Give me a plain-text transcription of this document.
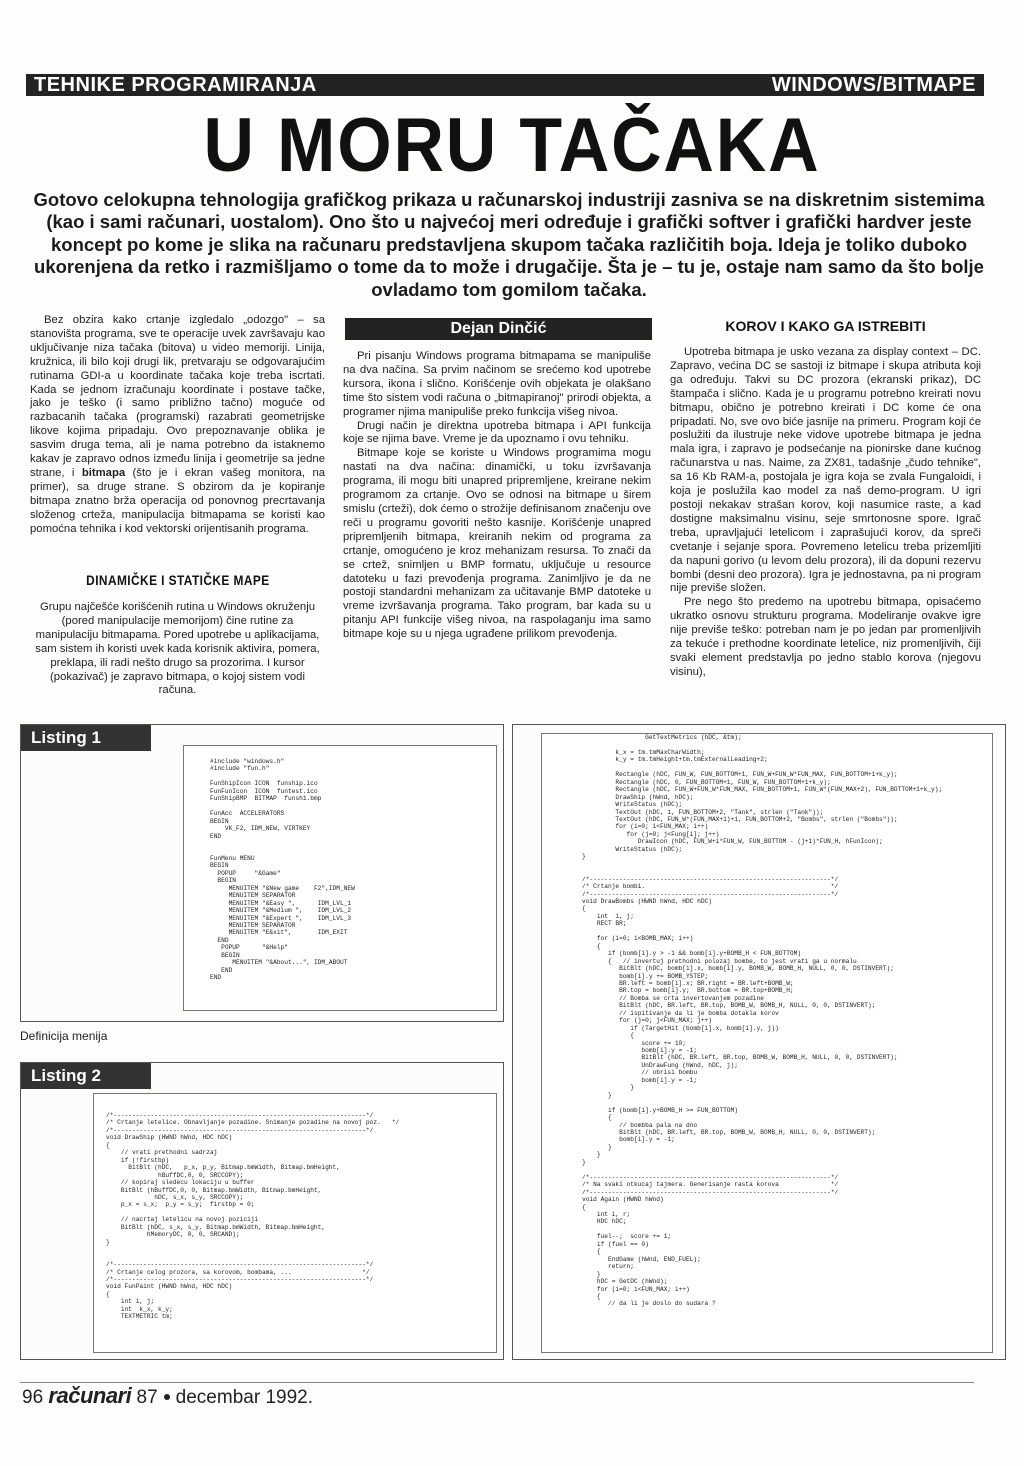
TEHNIKE PROGRAMIRANJA	WINDOWS/BITMAPE
U MORU TAČAKA
Gotovo celokupna tehnologija grafičkog prikaza u računarskoj industriji zasniva se na diskretnim sistemima (kao i sami računari, uostalom). Ono što u najvećoj meri određuje i grafički softver i grafički hardver jeste koncept po kome je slika na računaru predstavljena skupom tačaka različitih boja. Ideja je toliko duboko ukorenjena da retko i razmišljamo o tome da to može i drugačije. Šta je – tu je, ostaje nam samo da što bolje ovladamo tom gomilom tačaka.

Bez obzira kako crtanje izgledalo „odozgo" – sa stanovišta programa, sve te operacije uvek završavaju kao uključivanje niza tačaka (bitova) u video memoriji. Linija, kružnica, ili bilo koji drugi lik, pretvaraju se odgovarajućim rutinama GDI-a u koordinate tačaka koje treba iscrtati. Kada se jednom izračunaju koordinate i postave tačke, jako je teško (i samo približno tačno) moguće od razbacanih tačaka (programski) razabrati geometrijske likove kojima pripadaju. Ovo prepoznavanje oblika je sasvim druga tema, ali je nama potrebno da istaknemo kakav je zapravo odnos između linija i geometrije sa jedne strane, i bitmapa (što je i ekran vašeg monitora, na primer), sa druge strane. S obzirom da je kopiranje bitmapa znatno brža operacija od ponovnog precrtavanja složenog crteža, manipulacija bitmapama se koristi kao pomoćna tehnika i kod vektorski orijentisanih programa.

DINAMIČKE I STATIČKE MAPE

Grupu najčešće korišćenih rutina u Windows okruženju (pored manipulacije memorijom) čine rutine za manipulaciju bitmapama. Pored upotrebe u aplikacijama, sam sistem ih koristi uvek kada korisnik aktivira, pomera, preklapa, ili radi nešto drugo sa prozorima. I kursor (pokazivač) je zapravo bitmapa, o kojoj sistem vodi računa.

Dejan Dinčić

Pri pisanju Windows programa bitmapama se manipuliše na dva načina. Sa prvim načinom se srećemo kod upotrebe kursora, ikona i slično. Korišćenje ovih objekata je olakšano time što sistem vodi računa o „bitmapiranoj" prirodi objekta, a programer njima manipuliše preko funkcija višeg nivoa.

Drugi način je direktna upotreba bitmapa i API funkcija koje se njima bave. Vreme je da upoznamo i ovu tehniku.

Bitmape koje se koriste u Windows programima mogu nastati na dva načina: dinamički, u toku izvršavanja programa, ili mogu biti unapred pripremljene, kreirane nekim programom za crtanje. Ovo se odnosi na bitmape u širem smislu (crteži), dok ćemo o strožije definisanom značenju ove reči u programu govoriti nešto kasnije. Korišćenje unapred pripremljenih bitmapa, kreiranih nekim od programa za crtanje, omogućeno je kroz mehanizam resursa. To znači da se crtež, snimljen u BMP formatu, uključuje u resource datoteku u fazi prevođenja programa. Zanimljivo je da ne postoji standardni mehanizam za učitavanje BMP datoteke u vreme izvršavanja programa. Tako program, bar kada su u pitanju API funkcije višeg nivoa, na raspolaganju ima samo bitmape koje su u njega ugrađene prilikom prevođenja.

KOROV I KAKO GA ISTREBITI

Upotreba bitmapa je usko vezana za display context – DC. Zapravo, većina DC se sastoji iz bitmape i skupa atributa koji ga određuju. Takvi su DC prozora (ekranski prikaz), DC štampača i slično. Kada je u programu potrebno kreirati novu bitmapu, obično je potrebno kreirati i DC kome će ona pripadati. No, sve ovo biće jasnije na primeru. Program koji će poslužiti da ilustruje neke vidove upotrebe bitmapa je jedna mala igra, i zapravo je podsećanje na pionirske dane kućnog računarstva u nas. Naime, za ZX81, tadašnje „čudo tehnike", sa 16 Kb RAM-a, postojala je igra koja se zvala Fungaloidi, i koja je poslužila kao model za naš demo-program. U igri postoji nekakav strašan korov, koji nasumice raste, a kad dostigne maksimalnu visinu, seje smrtonosne spore. Igrač treba, upravljajući letelicom i zaprašujući korov, da spreči cvetanje i sejanje spora. Povremeno letelicu treba prizemljiti da napuni gorivo (u levom delu prozora), ili da dopuni rezervu bombi (desni deo prozora). Igra je jednostavna, pa ni program nije previše složen.

Pre nego što predemo na upotrebu bitmapa, opisaćemo ukratko osnovu strukturu programa. Modeliranje ovakve igre nije previše teško: potreban nam je po jedan par promenljivih za tekuće i prethodne koordinate letelice, niz promenljivih, čiji svaki element predstavlja po jedno stablo korova (njegovu visinu),

Listing 1
#include "windows.h"
#include "fun.h"

FunShipIcon ICON  funship.ico
FunFunIcon  ICON  funtest.ico
FunShipBMP  BITMAP  funsh1.bmp

FunAcc  ACCELERATORS
BEGIN
VK_F2, IDM_NEW, VIRTKEY
END

FunMenu MENU
BEGIN
POPUP     "&Game"
BEGIN
MENUITEM "&New game    F2",IDM_NEW
MENUITEM SEPARATOR
MENUITEM "&Easy ",      IDM_LVL_1
MENUITEM "&Medium ",    IDM_LVL_2
MENUITEM "&Expert ",    IDM_LVL_3
MENUITEM SEPARATOR
MENUITEM "E&xit",       IDM_EXIT
END
POPUP      "&Help"
BEGIN
MENUITEM "&About...", IDM_ABOUT
END
END
Definicija menija
Listing 2
/*--------------------------------------------------------------------*/
/* Crtanje letelice. Obnavljanje pozadine. Snimanje pozadine na novoj poz.   */
/*--------------------------------------------------------------------*/
void DrawShip (HWND hWnd, HDC hDC)
{
// vrati prethodni sadrzaj
if (!firstbp)
BitBlt (hDC,   p_x, p_y, Bitmap.bmWidth, Bitmap.bmHeight,
hBuffDC,0, 0, SRCCOPY);
// kopiraj sledecu lokaciju u buffer
BitBlt (hBuffDC,0, 0, Bitmap.bmWidth, Bitmap.bmHeight,
hDC, s_x, s_y, SRCCOPY);
p_x = s_x;  p_y = s_y;  firstbp = 0;

// nacrtaj letelicu na novoj poziciji
BitBlt (hDC, s_x, s_y, Bitmap.bmWidth, Bitmap.bmHeight,
hMemoryDC, 0, 0, SRCAND);
}

/*--------------------------------------------------------------------*/
/* Crtanje celog prozora, sa korovom, bombama, ...                   */
/*--------------------------------------------------------------------*/
void FunPaint (HWND hWnd, HDC hDC)
{
int i, j;
int  k_x, k_y;
TEXTMETRIC tm;
GetTextMetrics (hDC, &tm);

k_x = tm.tmMaxCharWidth;
k_y = tm.tmHeight+tm.tmExternalLeading+2;

Rectangle (hDC, FUN_W, FUN_BOTTOM+1, FUN_W+FUN_W*FUN_MAX, FUN_BOTTOM+1+k_y);
Rectangle (hDC, 0, FUN_BOTTOM+1, FUN_W, FUN_BOTTOM+1+k_y);
Rectangle (hDC, FUN_W+FUN_W*FUN_MAX, FUN_BOTTOM+1, FUN_W*(FUN_MAX+2), FUN_BOTTOM+1+k_y);
DrawShip (hWnd, hDC);
WriteStatus (hDC);
TextOut (hDC, 1, FUN_BOTTOM+2, "Tank", strlen ("Tank"));
TextOut (hDC, FUN_W*(FUN_MAX+1)+1, FUN_BOTTOM+2, "Bombs", strlen ("Bombs"));
for (i=0; i<FUN_MAX; i++)
for (j=0; j<Fung[i]; j++)
DrawIcon (hDC, FUN_W+i*FUN_W, FUN_BOTTOM - (j+1)*FUN_H, hFunIcon);
WriteStatus (hDC);
}

/*-----------------------------------------------------------------*/
/* Crtanje bombi.                                                  */
/*-----------------------------------------------------------------*/
void DrawBombs (HWND hWnd, HDC hDC)
{
int  i, j;
RECT BR;

for (i=0; i<BOMB_MAX; i++)
{
if (bomb[i].y > -1 && bomb[i].y+BOMB_H < FUN_BOTTOM)
{   // invertuj prethodni polozaj bombe, to jest vrati ga u normalu
BitBlt (hDC, bomb[i].x, bomb[i].y, BOMB_W, BOMB_H, NULL, 0, 0, DSTINVERT);
bomb[i].y += BOMB_YSTEP;
BR.left = bomb[i].x; BR.right = BR.left+BOMB_W;
BR.top = bomb[i].y;  BR.bottom = BR.top+BOMB_H;
// Bomba se crta invertovanjem pozadine
BitBlt (hDC, BR.left, BR.top, BOMB_W, BOMB_H, NULL, 0, 0, DSTINVERT);
// ispitivanje da li je bomba dotakla korov
for (j=0; j<FUN_MAX; j++)
if (TargetHit (bomb[i].x, bomb[i].y, j))
{
score += 10;
bomb[i].y = -1;
BitBlt (hDC, BR.left, BR.top, BOMB_W, BOMB_H, NULL, 0, 0, DSTINVERT);
UnDrawFung (hWnd, hDC, j);
// obrisi bombu
bomb[i].y = -1;
}
}

if (bomb[i].y+BOMB_H >= FUN_BOTTOM)
{
// bombba pala na dno
BitBlt (hDC, BR.left, BR.top, BOMB_W, BOMB_H, NULL, 0, 0, DSTINVERT);
bomb[i].y = -1;
}
}
}

/*-----------------------------------------------------------------*/
/* Na svaki otkucaj tajmera. Generisanje rasta korova              */
/*-----------------------------------------------------------------*/
void Again (HWND hWnd)
{
int i, r;
HDC hDC;

fuel--;  score += 1;
if (fuel == 0)
{
EndGame (hWnd, END_FUEL);
return;
}
hDC = GetDC (hWnd);
for (i=0; i<FUN_MAX; i++)
{
// da li je doslo do sudara ?
96 računari 87 decembar 1992.
